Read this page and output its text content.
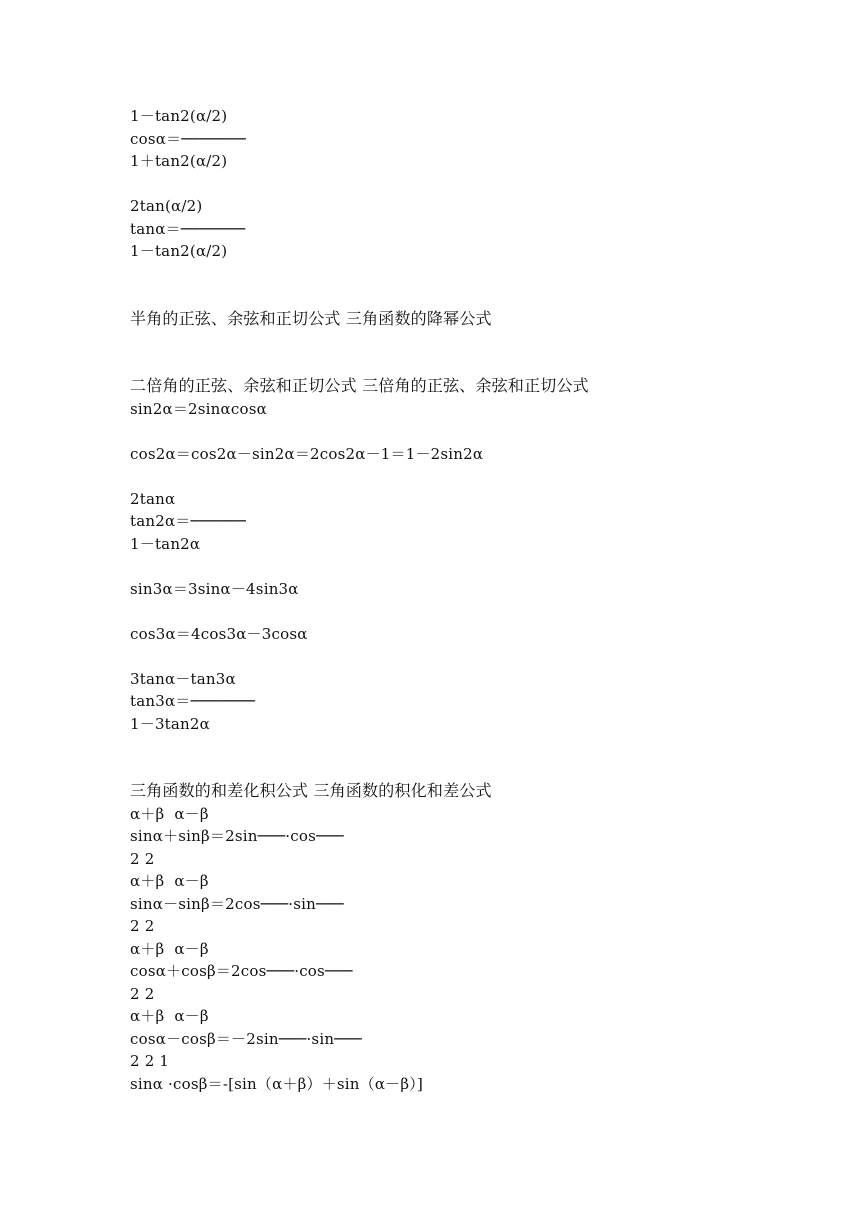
1－tan2(α/2)
cosα＝───────
1＋tan2(α/2)
2tan(α/2)
tanα＝───────
1－tan2(α/2)
半角的正弦、余弦和正切公式 三角函数的降幂公式
二倍角的正弦、余弦和正切公式 三倍角的正弦、余弦和正切公式
sin2α＝2sinαcosα
cos2α＝cos2α－sin2α＝2cos2α－1＝1－2sin2α
2tanα
tan2α＝──────
1－tan2α
sin3α＝3sinα－4sin3α
cos3α＝4cos3α－3cosα
3tanα－tan3α
tan3α＝───────
1－3tan2α
三角函数的和差化积公式 三角函数的积化和差公式
α＋β  α－β
sinα＋sinβ＝2sin───·cos───
2 2
α＋β  α－β
sinα－sinβ＝2cos───·sin───
2 2
α＋β  α－β
cosα＋cosβ＝2cos───·cos───
2 2
α＋β  α－β
cosα－cosβ＝－2sin───·sin───
2 2 1
sinα ·cosβ＝-[sin（α＋β）＋sin（α－β）]
